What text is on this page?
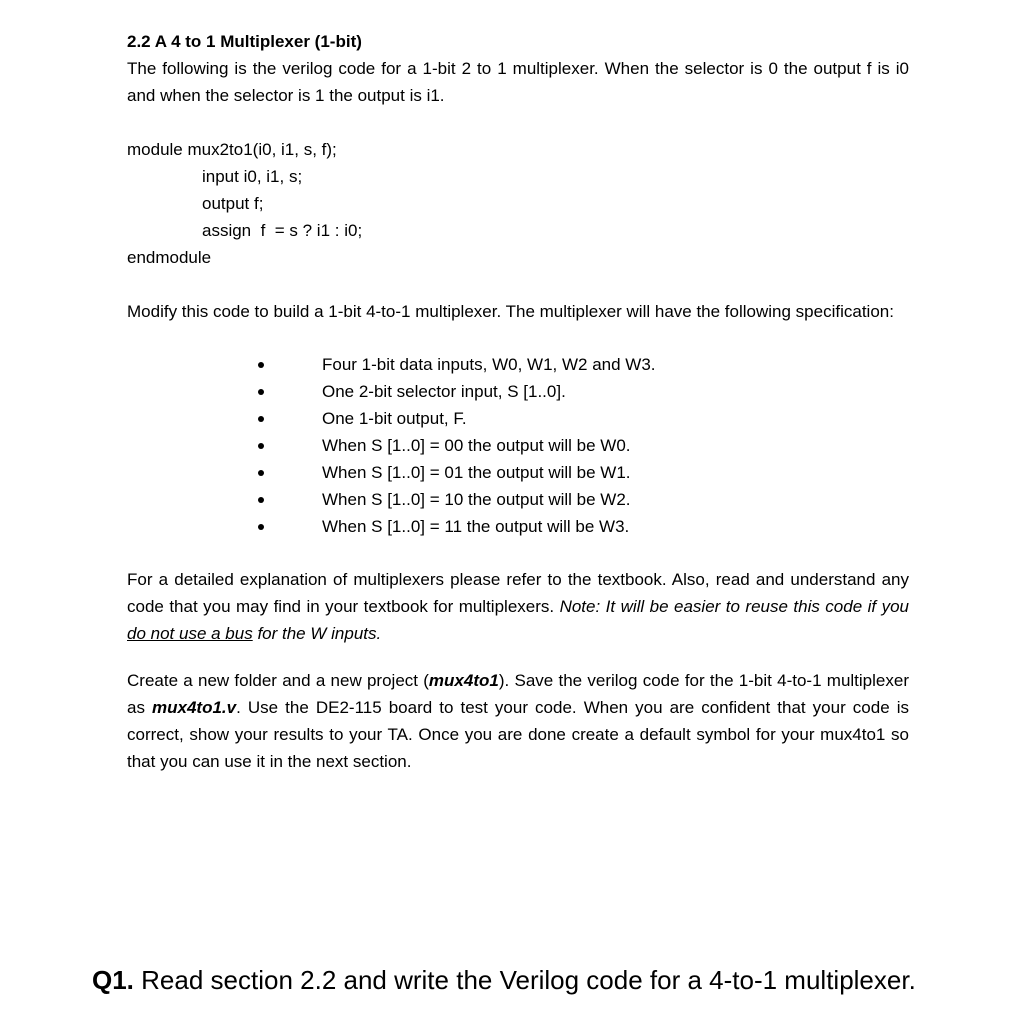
2.2 A 4 to 1 Multiplexer (1-bit)
The following is the verilog code for a 1-bit 2 to 1 multiplexer. When the selector is 0 the output f is i0 and when the selector is 1 the output is i1.
module mux2to1(i0, i1, s, f);
input i0, i1, s;
output f;
assign  f  = s ? i1 : i0;
endmodule
Modify this code to build a 1-bit 4-to-1 multiplexer. The multiplexer will have the following specification:
Four 1-bit data inputs, W0, W1, W2 and W3.
One 2-bit selector input, S [1..0].
One 1-bit output, F.
When S [1..0] = 00 the output will be W0.
When S [1..0] = 01 the output will be W1.
When S [1..0] = 10 the output will be W2.
When S [1..0] = 11 the output will be W3.
For a detailed explanation of multiplexers please refer to the textbook. Also, read and understand any code that you may find in your textbook for multiplexers. Note: It will be easier to reuse this code if you do not use a bus for the W inputs.
Create a new folder and a new project (mux4to1). Save the verilog code for the 1-bit 4-to-1 multiplexer as mux4to1.v. Use the DE2-115 board to test your code. When you are confident that your code is correct, show your results to your TA. Once you are done create a default symbol for your mux4to1 so that you can use it in the next section.
Q1. Read section 2.2 and write the Verilog code for a 4-to-1 multiplexer.
